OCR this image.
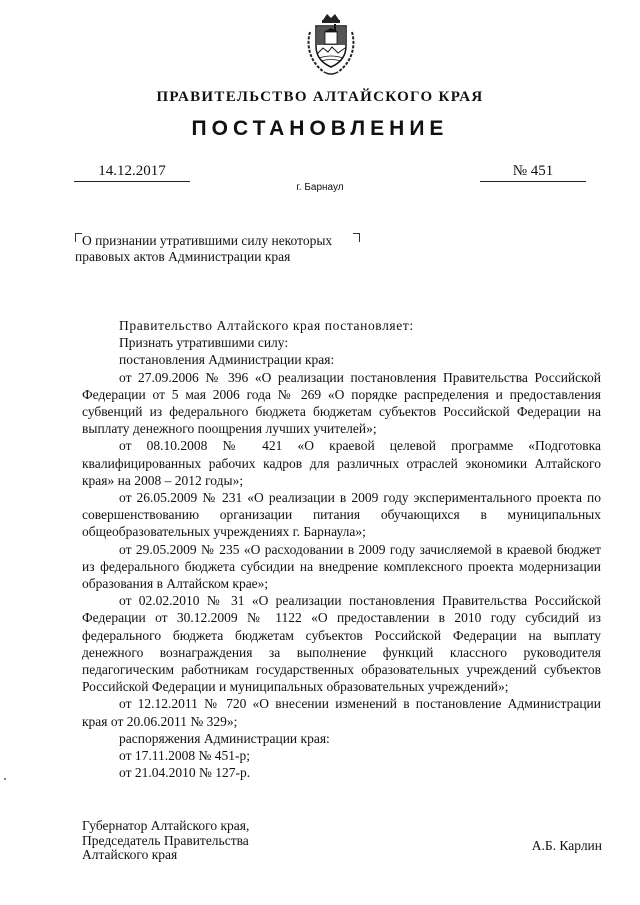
ПРАВИТЕЛЬСТВО АЛТАЙСКОГО КРАЯ
ПОСТАНОВЛЕНИЕ
14.12.2017	№ 451
г. Барнаул
О признании утратившими силу некоторых
правовых актов Администрации края

Правительство Алтайского края постановляет:

Признать утратившими силу:

постановления Администрации края:

от 27.09.2006 № 396 «О реализации постановления Правительства Российской Федерации от 5 мая 2006 года № 269 «О порядке распределения и предоставления субвенций из федерального бюджета бюджетам субъектов Российской Федерации на выплату денежного поощрения лучших учителей»;

от 08.10.2008 № 421 «О краевой целевой программе «Подготовка квалифицированных рабочих кадров для различных отраслей экономики Алтайского края» на 2008 – 2012 годы»;

от 26.05.2009 № 231 «О реализации в 2009 году экспериментального проекта по совершенствованию организации питания обучающихся в муниципальных общеобразовательных учреждениях г. Барнаула»;

от 29.05.2009 № 235 «О расходовании в 2009 году зачисляемой в краевой бюджет из федерального бюджета субсидии на внедрение комплексного проекта модернизации образования в Алтайском крае»;

от 02.02.2010 № 31 «О реализации постановления Правительства Российской Федерации от 30.12.2009 № 1122 «О предоставлении в 2010 году субсидий из федерального бюджета бюджетам субъектов Российской Федерации на выплату денежного вознаграждения за выполнение функций классного руководителя педагогическим работникам государственных образовательных учреждений субъектов Российской Федерации и муниципальных образовательных учреждений»;

от 12.12.2011 № 720 «О внесении изменений в постановление Администрации края от 20.06.2011 № 329»;

распоряжения Администрации края:

от 17.11.2008 № 451-р;

от 21.04.2010 № 127-р.

Губернатор Алтайского края,
Председатель Правительства
Алтайского края
А.Б. Карлин
